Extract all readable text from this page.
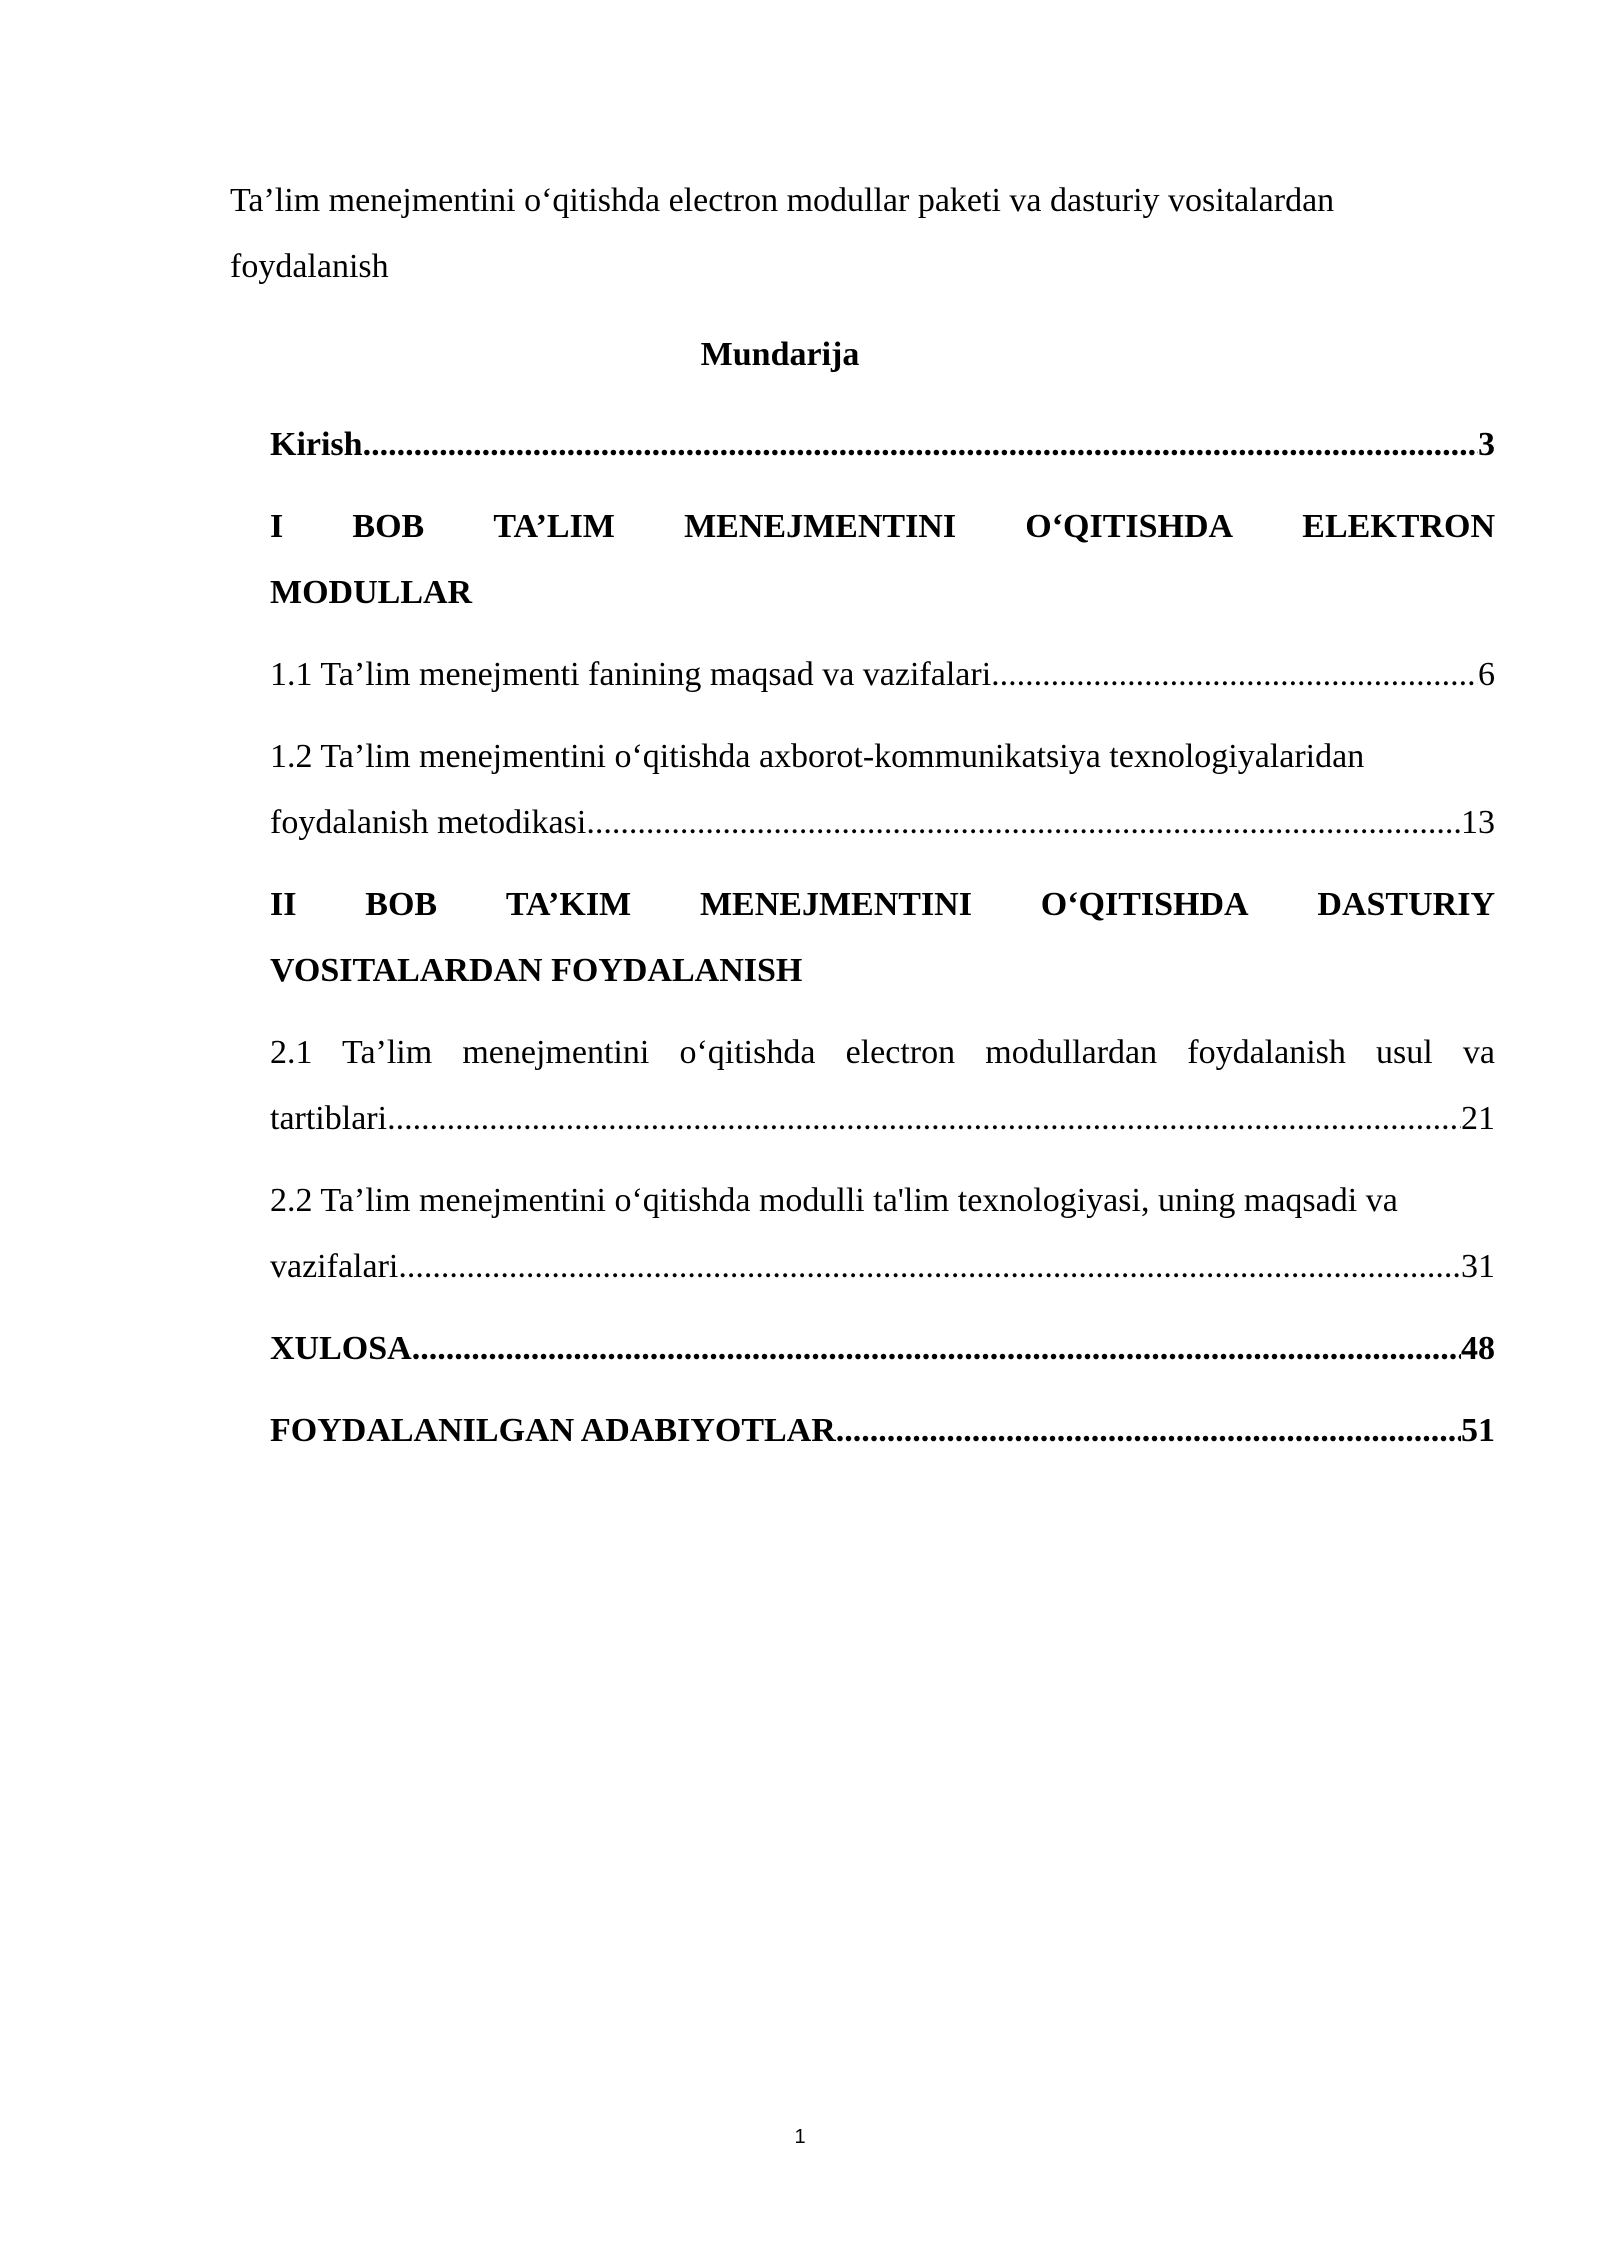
Ta’lim menejmentini o‘qitishda electron modullar paketi va dasturiy vositalardan
foydalanish
Mundarija
Kirish .....	3
I BOB TA’LIM MENEJMENTINI O‘QITISHDA ELEKTRON
MODULLAR
1.1 Ta’lim menejmenti fanining maqsad va vazifalari .....	6
1.2 Ta’lim menejmentini o‘qitishda axborot-kommunikatsiya texnologiyalaridan
foydalanish metodikasi .....	13
II BOB TA’KIM MENEJMENTINI O‘QITISHDA DASTURIY
VOSITALARDAN FOYDALANISH
2.1 Ta’lim menejmentini o‘qitishda electron modullardan foydalanish usul va
tartiblari .....	21
2.2 Ta’lim menejmentini o‘qitishda modulli ta'lim texnologiyasi, uning maqsadi va
vazifalari .....	31
XULOSA .....	48
FOYDALANILGAN ADABIYOTLAR .....	51
1
